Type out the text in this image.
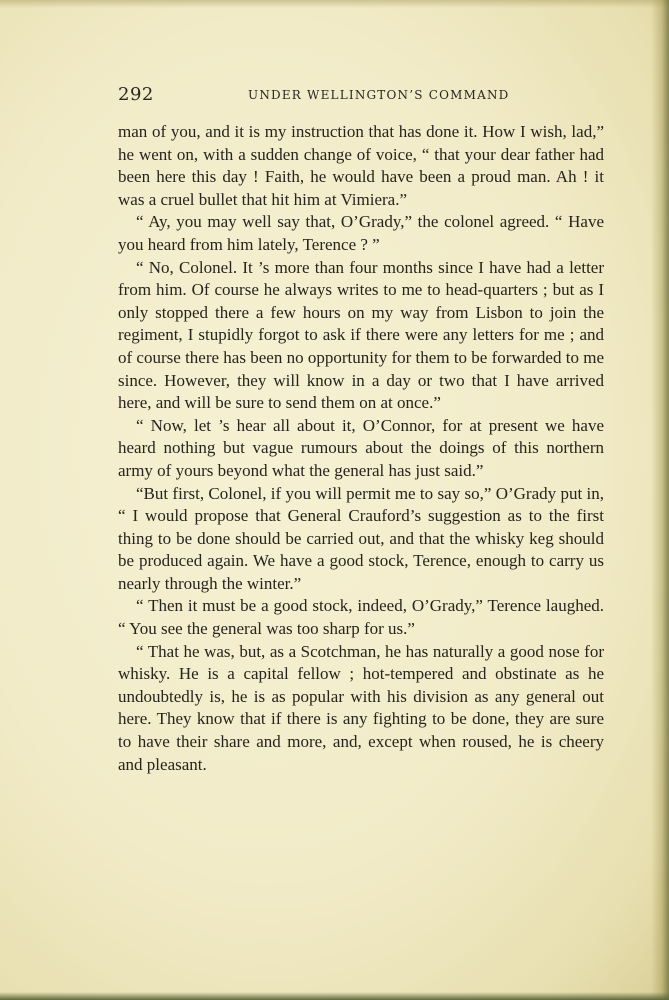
292	UNDER WELLINGTON’S COMMAND

man of you, and it is my instruction that has done it. How I wish, lad,” he went on, with a sudden change of voice, “ that your dear father had been here this day ! Faith, he would have been a proud man. Ah ! it was a cruel bullet that hit him at Vimiera.”

“ Ay, you may well say that, O’Grady,” the colonel agreed. “ Have you heard from him lately, Terence ? ”

“ No, Colonel. It ’s more than four months since I have had a letter from him. Of course he always writes to me to head-quarters ; but as I only stopped there a few hours on my way from Lisbon to join the regiment, I stupidly forgot to ask if there were any letters for me ; and of course there has been no opportunity for them to be forwarded to me since. However, they will know in a day or two that I have arrived here, and will be sure to send them on at once.”

“ Now, let ’s hear all about it, O’Connor, for at present we have heard nothing but vague rumours about the doings of this northern army of yours beyond what the general has just said.”

“But first, Colonel, if you will permit me to say so,” O’Grady put in, “ I would propose that General Crauford’s suggestion as to the first thing to be done should be carried out, and that the whisky keg should be produced again. We have a good stock, Terence, enough to carry us nearly through the winter.”

“ Then it must be a good stock, indeed, O’Grady,” Terence laughed. “ You see the general was too sharp for us.”

“ That he was, but, as a Scotchman, he has naturally a good nose for whisky. He is a capital fellow ; hot-tempered and obstinate as he undoubtedly is, he is as popular with his division as any general out here. They know that if there is any fighting to be done, they are sure to have their share and more, and, except when roused, he is cheery and pleasant.
